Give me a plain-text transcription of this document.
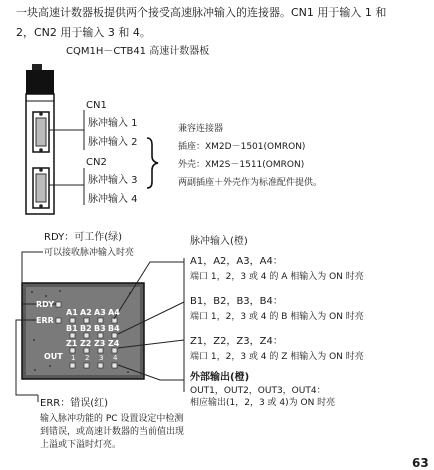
一块高速计数器板提供两个接受高速脉冲输入的连接器。CN1 用于输入 1 和
2，CN2 用于输入 3 和 4。
CQM1H－CTB41 高速计数器板
CN1
脉冲输入 1
脉冲输入 2
CN2
脉冲输入 3
脉冲输入 4
兼容连接器
插座：XM2D－1501(OMRON)
外壳：XM2S－1511(OMRON)
两副插座＋外壳作为标准配件提供。
RDY：可工作(绿)
可以接收脉冲输入时亮
RDY
ERR
A1 A2 A3 A4
B1 B2 B3 B4
Z1 Z2 Z3 Z4
OUT 1 2 3 4
脉冲输入(橙)
A1，A2，A3，A4：
端口 1，2，3 或 4 的 A 相输入为 ON 时亮
B1，B2，B3，B4：
端口 1，2，3 或 4 的 B 相输入为 ON 时亮
Z1，Z2，Z3，Z4：
端口 1，2，3 或 4 的 Z 相输入为 ON 时亮
外部输出(橙)
OUT1，OUT2，OUT3，OUT4：
相应输出(1，2，3 或 4)为 ON 时亮
ERR：错误(红)
输入脉冲功能的 PC 设置设定中检测
到错误，或高速计数器的当前值出现
上溢或下溢时灯亮。
63
